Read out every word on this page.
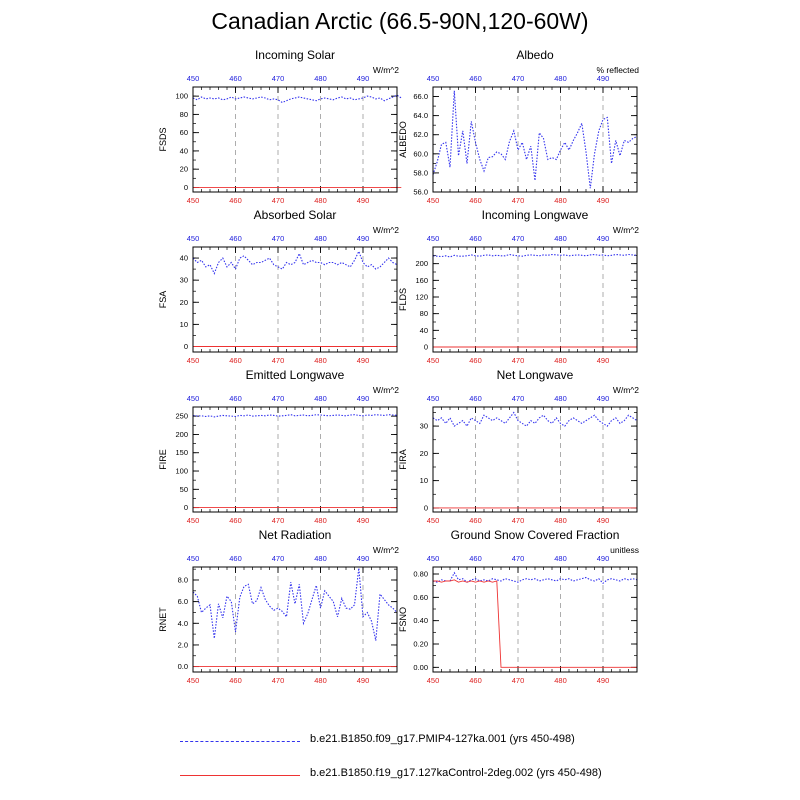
Canadian Arctic (66.5-90N,120-60W)
Incoming Solar
W/m^2
FSDS
450
450
460
460
470
470
480
480
490
490
0
20
40
60
80
100
Albedo
% reflected
ALBEDO
450
450
460
460
470
470
480
480
490
490
56.0
58.0
60.0
62.0
64.0
66.0
Absorbed Solar
W/m^2
FSA
450
450
460
460
470
470
480
480
490
490
0
10
20
30
40
Incoming Longwave
W/m^2
FLDS
450
450
460
460
470
470
480
480
490
490
0
40
80
120
160
200
Emitted Longwave
W/m^2
FIRE
450
450
460
460
470
470
480
480
490
490
0
50
100
150
200
250
Net Longwave
W/m^2
FIRA
450
450
460
460
470
470
480
480
490
490
0
10
20
30
Net Radiation
W/m^2
RNET
450
450
460
460
470
470
480
480
490
490
0.0
2.0
4.0
6.0
8.0
Ground Snow Covered Fraction
unitless
FSNO
450
450
460
460
470
470
480
480
490
490
0.00
0.20
0.40
0.60
0.80
b.e21.B1850.f09_g17.PMIP4-127ka.001 (yrs 450-498)
b.e21.B1850.f19_g17.127kaControl-2deg.002 (yrs 450-498)
